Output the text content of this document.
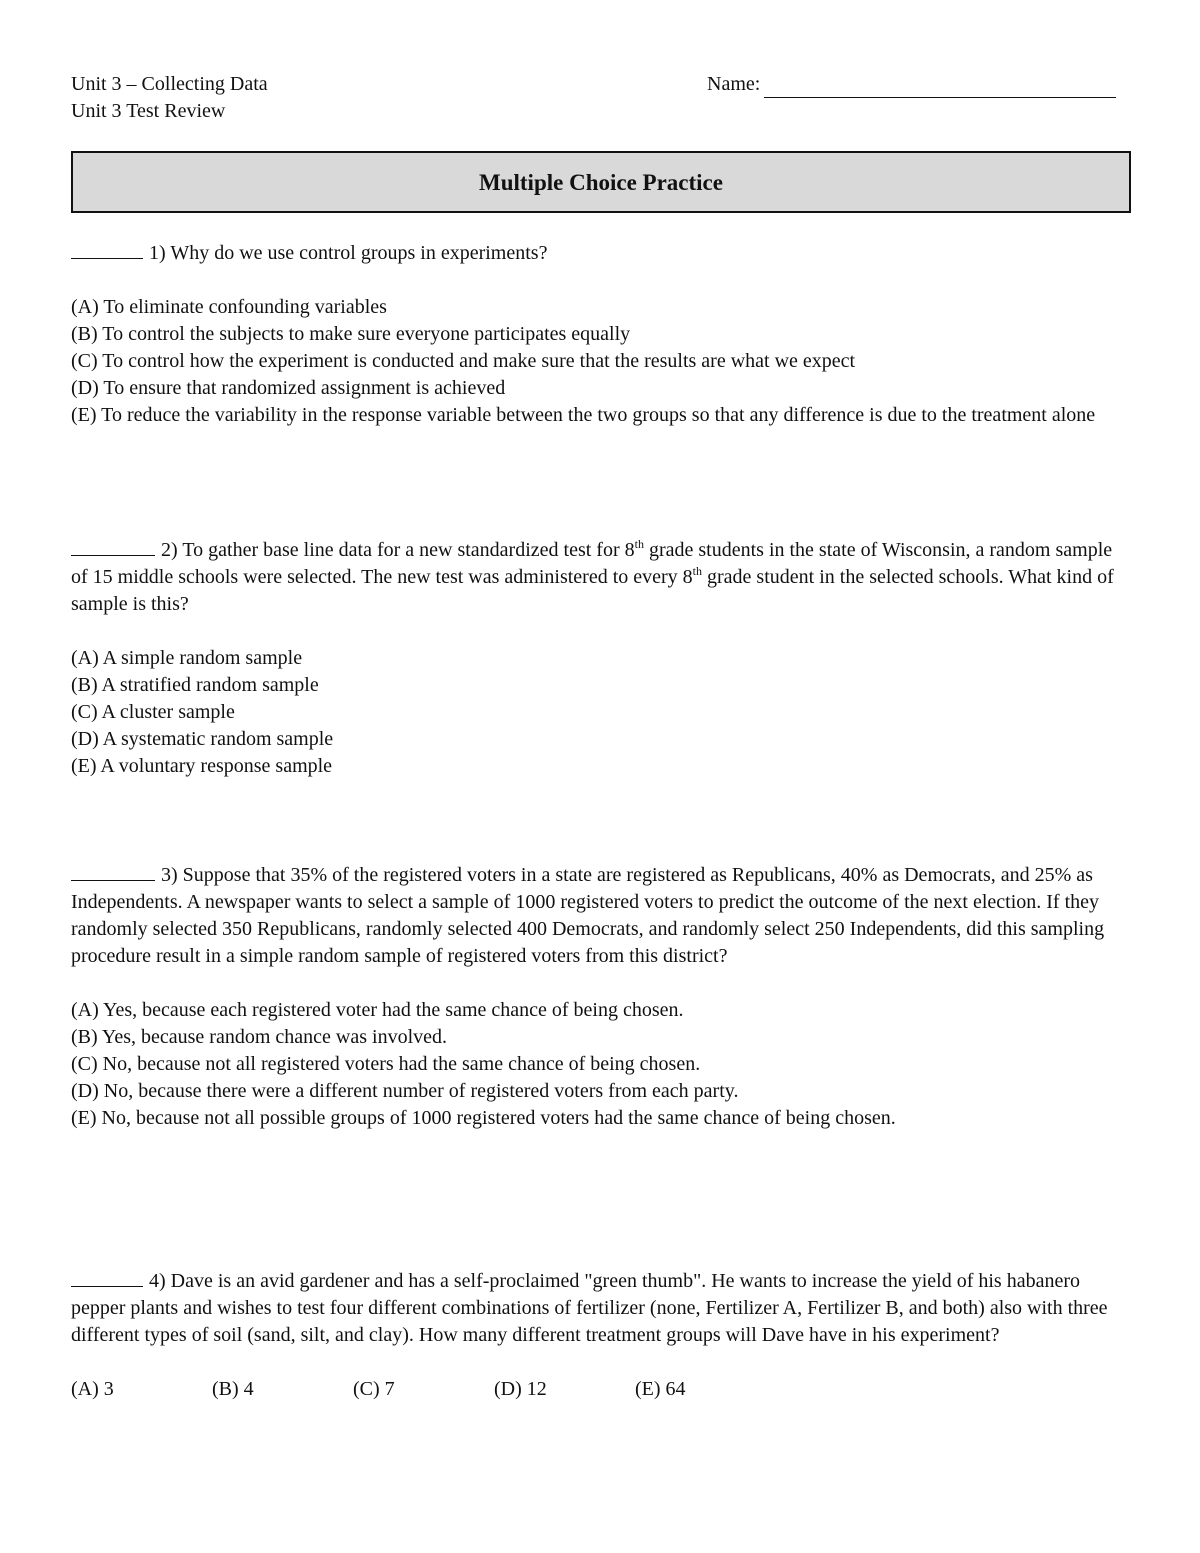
Unit 3 – Collecting Data
Unit 3 Test Review
Name:
Multiple Choice Practice

1) Why do we use control groups in experiments?

(A) To eliminate confounding variables
(B) To control the subjects to make sure everyone participates equally
(C) To control how the experiment is conducted and make sure that the results are what we expect
(D) To ensure that randomized assignment is achieved
(E) To reduce the variability in the response variable between the two groups so that any difference is due to the treatment alone

2) To gather base line data for a new standardized test for 8th grade students in the state of Wisconsin, a random sample of 15 middle schools were selected. The new test was administered to every 8th grade student in the selected schools. What kind of sample is this?

(A) A simple random sample
(B) A stratified random sample
(C) A cluster sample
(D) A systematic random sample
(E) A voluntary response sample

3) Suppose that 35% of the registered voters in a state are registered as Republicans, 40% as Democrats, and 25% as Independents. A newspaper wants to select a sample of 1000 registered voters to predict the outcome of the next election. If they randomly selected 350 Republicans, randomly selected 400 Democrats, and randomly select 250 Independents, did this sampling procedure result in a simple random sample of registered voters from this district?

(A) Yes, because each registered voter had the same chance of being chosen.
(B) Yes, because random chance was involved.
(C) No, because not all registered voters had the same chance of being chosen.
(D) No, because there were a different number of registered voters from each party.
(E) No, because not all possible groups of 1000 registered voters had the same chance of being chosen.

4) Dave is an avid gardener and has a self-proclaimed "green thumb". He wants to increase the yield of his habanero pepper plants and wishes to test four different combinations of fertilizer (none, Fertilizer A, Fertilizer B, and both) also with three different types of soil (sand, silt, and clay). How many different treatment groups will Dave have in his experiment?

(A) 3	(B) 4	(C) 7	(D) 12	(E) 64
